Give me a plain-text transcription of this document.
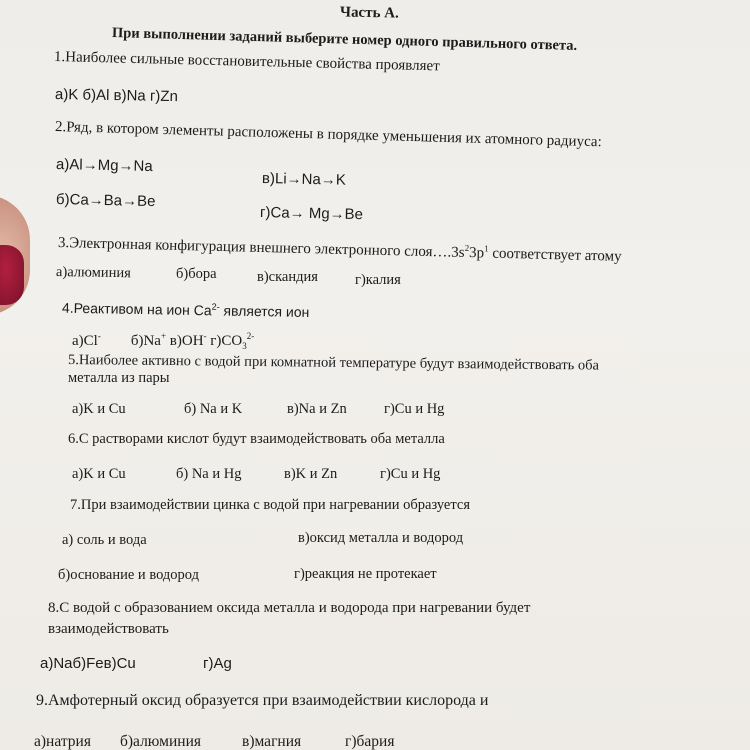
Часть А.
При выполнении заданий выберите номер одного правильного ответа.
1.Наиболее сильные восстановительные свойства проявляет
а)K б)Al в)Na г)Zn
2.Ряд, в котором элементы расположены в порядке уменьшения их атомного радиуса:
а)Al→Mg→Na
в)Li→Na→K
б)Ca→Ba→Be
г)Ca→ Mg→Be
3.Электронная конфигурация внешнего электронного $слоя\dots.3s^23p^1$ соответствует атому
а)алюминия	б)бора	в)скандия	г)калия
4.Реактивом на ион $Ca^{2-}$ является ион
а)Cl- б)Na+ в)OH- $г)CO_3^{2-}$
5.Наиболее активно с водой при комнатной температуре будут взаимодействовать оба
металла из пары
а)K и Cu	б) Na и K	в)Na и Zn	г)Cu и Hg
6.С растворами кислот будут взаимодействовать оба металла
а)K и Cu	б) Na и Hg	в)K и Zn	г)Cu и Hg
7.При взаимодействии цинка с водой при нагревании образуется
а) соль и вода	в)оксид металла и водород
б)основание и водород	г)реакция не протекает
8.С водой с образованием оксида металла и водорода при нагревании будет
взаимодействовать
а)Naб)Feв)Cu	г)Ag
9.Амфотерный оксид образуется при взаимодействии кислорода и
а)натрия б)алюминия	в)магния	г)бария
